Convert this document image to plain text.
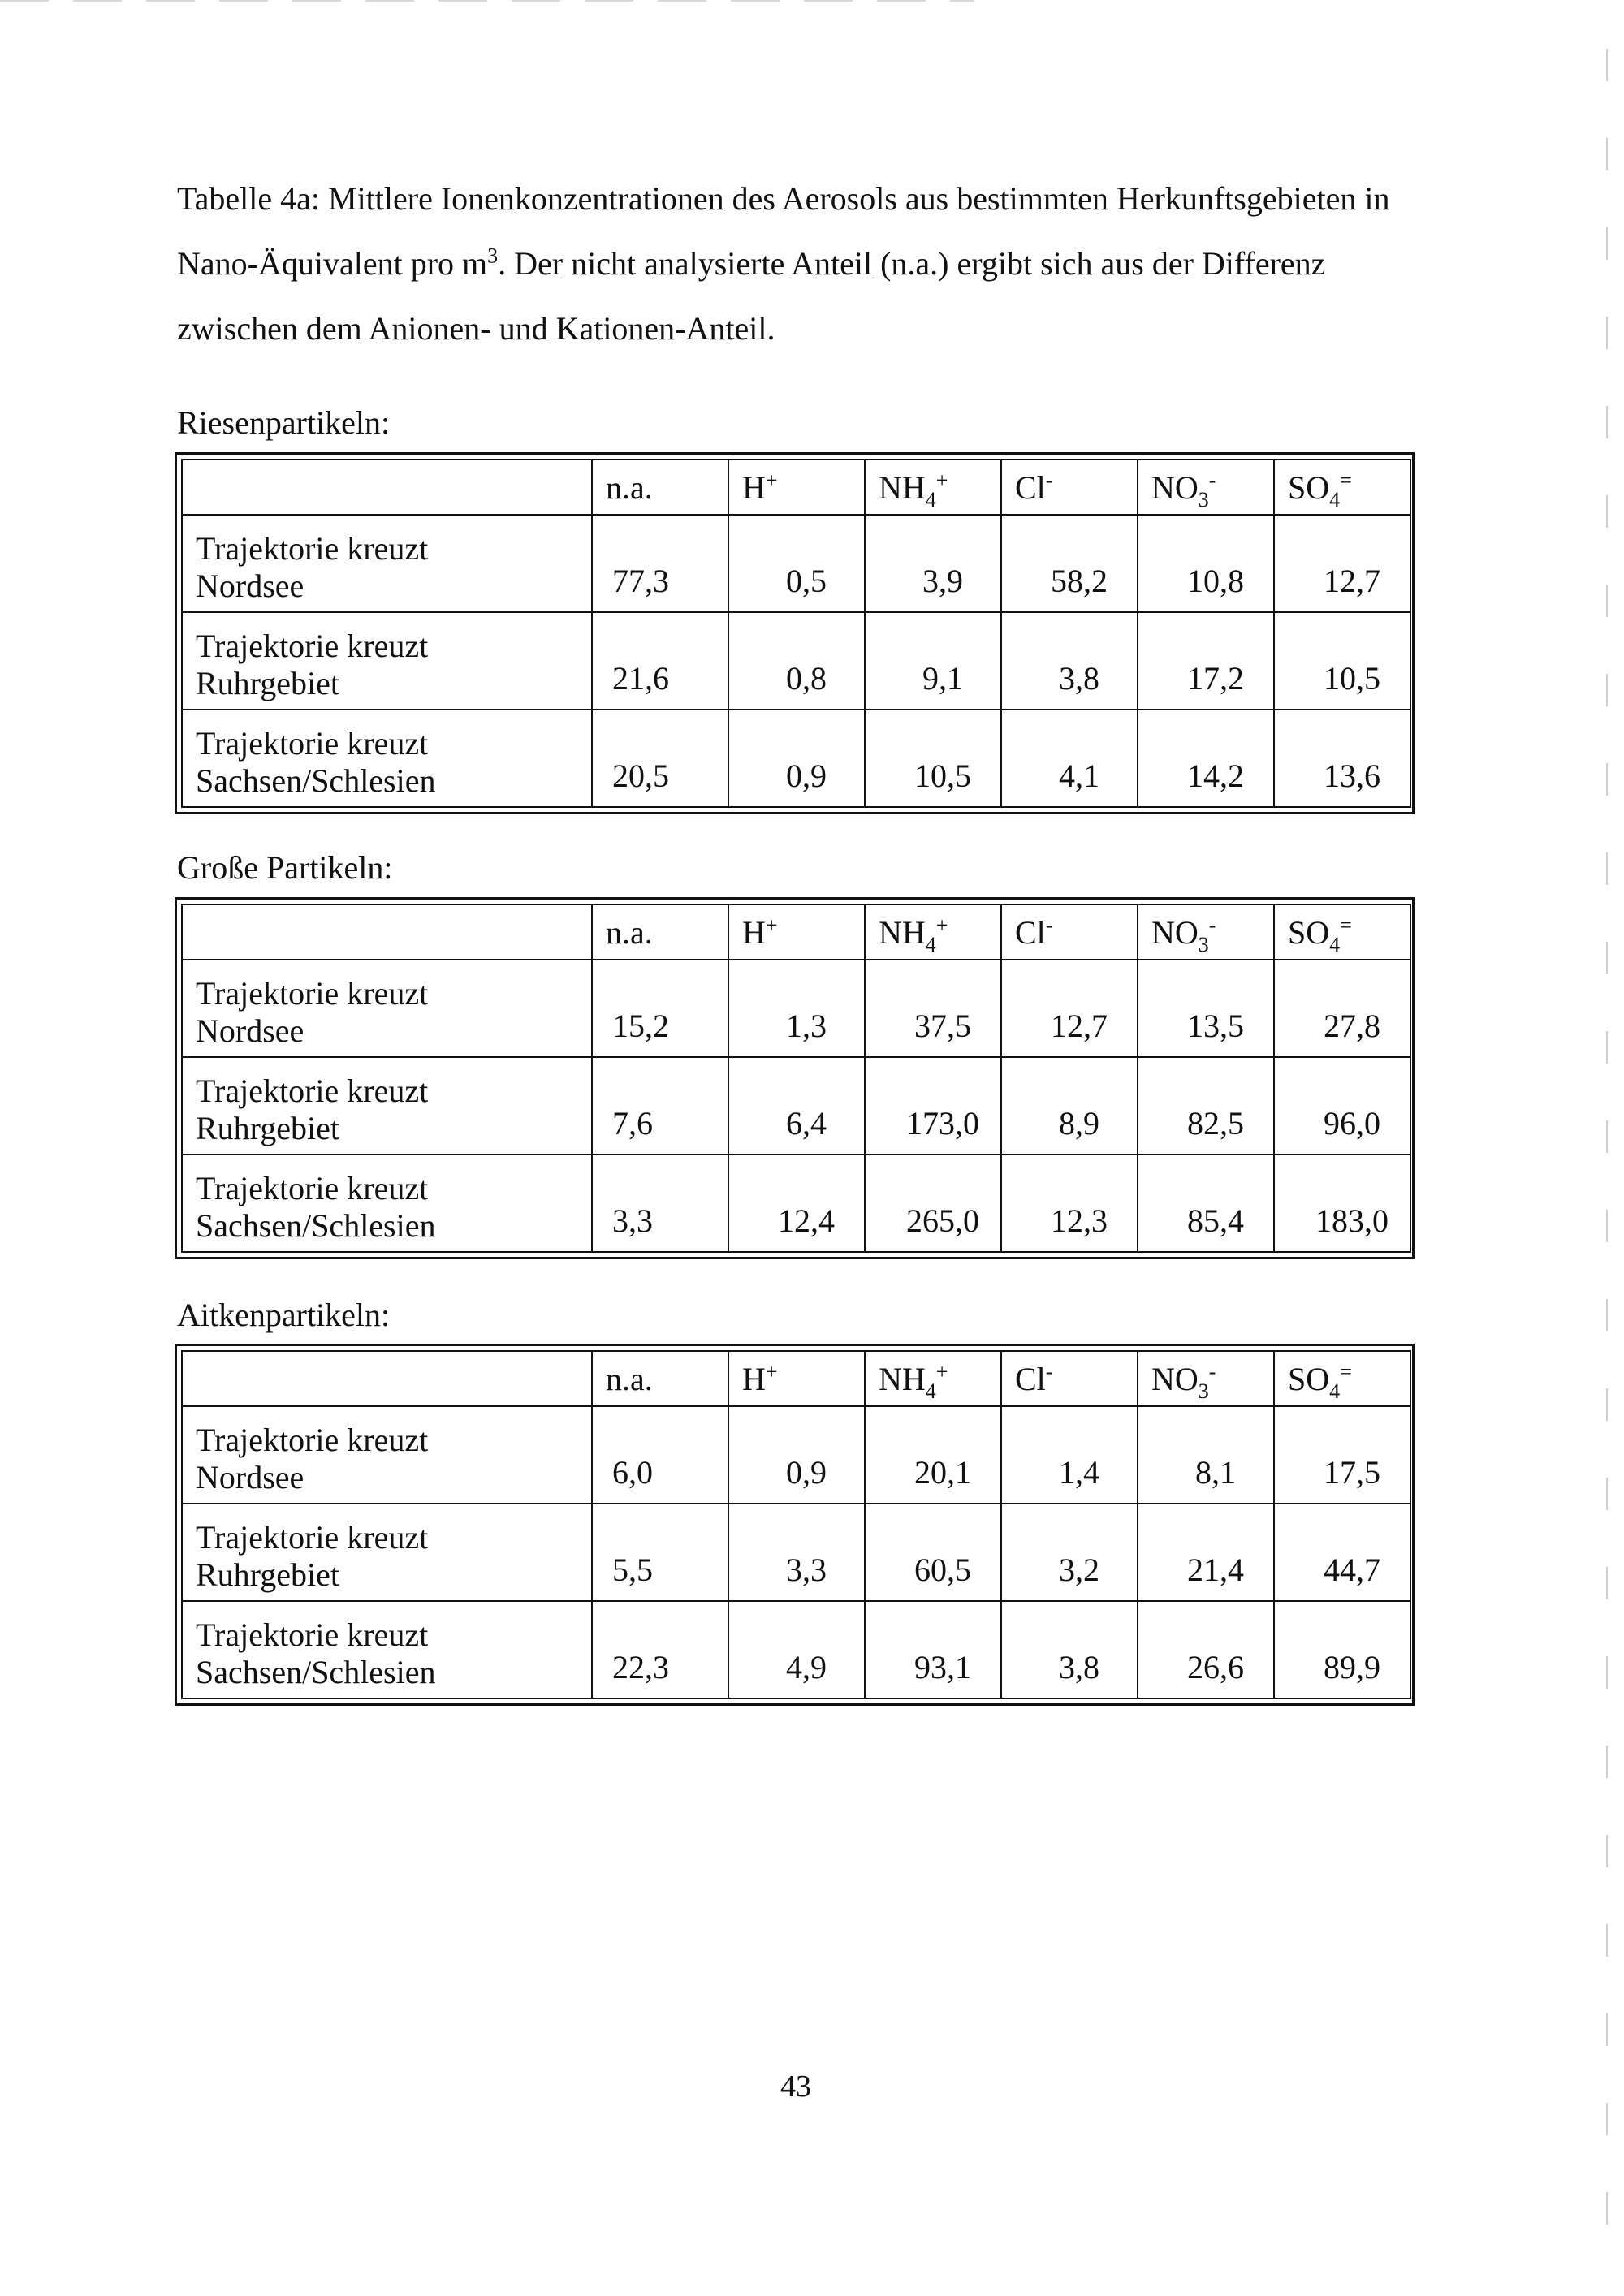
Tabelle 4a: Mittlere Ionenkonzentrationen des Aerosols aus bestimmten Herkunftsgebieten in Nano-Äquivalent pro $m^3$. Der nicht analysierte Anteil (n.a.) ergibt sich aus der Differenz zwischen dem Anionen- und Kationen-Anteil.
Riesenpartikeln:
	n.a.	H+	$NH_4^+$	Cl-	$NO_3^-$	$SO_4^=$
Trajektorie kreuzt
Nordsee	77,3	0,5	3,9	58,2	10,8	12,7
Trajektorie kreuzt
Ruhrgebiet	21,6	0,8	9,1	3,8	17,2	10,5
Trajektorie kreuzt
Sachsen/Schlesien	20,5	0,9	10,5	4,1	14,2	13,6
Große Partikeln:
	n.a.	H+	$NH_4^+$	Cl-	$NO_3^-$	$SO_4^=$
Trajektorie kreuzt
Nordsee	15,2	1,3	37,5	12,7	13,5	27,8
Trajektorie kreuzt
Ruhrgebiet	7,6	6,4	173,0	8,9	82,5	96,0
Trajektorie kreuzt
Sachsen/Schlesien	3,3	12,4	265,0	12,3	85,4	183,0
Aitkenpartikeln:
	n.a.	H+	$NH_4^+$	Cl-	$NO_3^-$	$SO_4^=$
Trajektorie kreuzt
Nordsee	6,0	0,9	20,1	1,4	8,1	17,5
Trajektorie kreuzt
Ruhrgebiet	5,5	3,3	60,5	3,2	21,4	44,7
Trajektorie kreuzt
Sachsen/Schlesien	22,3	4,9	93,1	3,8	26,6	89,9
43
